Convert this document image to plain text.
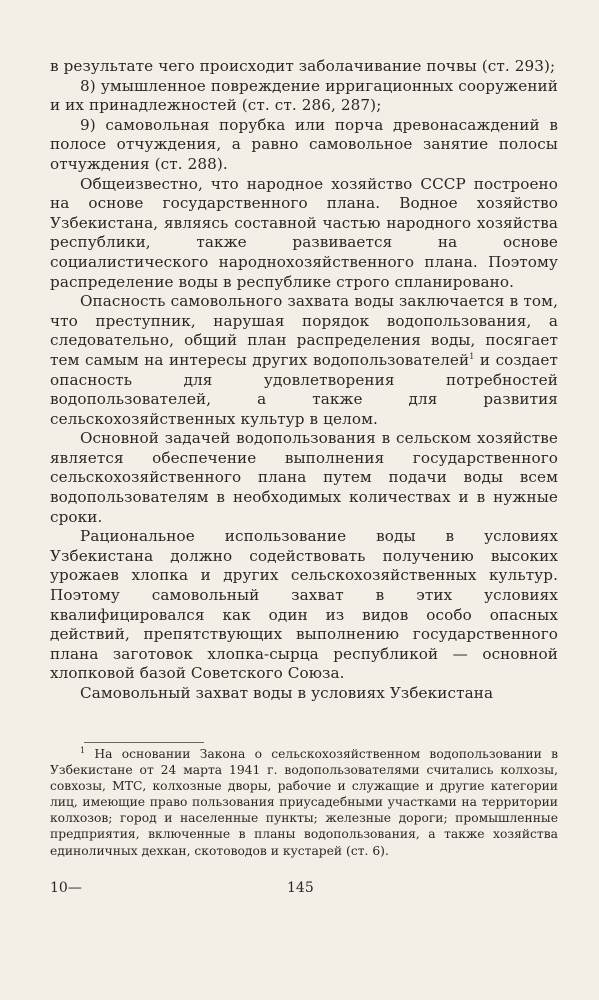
в результате чего происходит заболачивание почвы (ст. 293);

8) умышленное повреждение ирригационных сооружений и их принадлежностей (ст. ст. 286, 287);

9) самовольная порубка или порча древонасаждений в полосе отчуждения, а равно самовольное занятие полосы отчуждения (ст. 288).

Общеизвестно, что народное хозяйство СССР построено на основе государственного плана. Водное хозяйство Узбекистана, являясь составной частью народного хозяйства республики, также развивается на основе социалистического народнохозяйственного плана. Поэтому распределение воды в республике строго спланировано.

Опасность самовольного захвата воды заключается в том, что преступник, нарушая порядок водопользования, а следовательно, общий план распределения воды, посягает тем самым на интересы других водопользователей$^1$ и создает опасность для удовлетворения потребностей водопользователей, а также для развития сельскохозяйственных культур в целом.

Основной задачей водопользования в сельском хозяйстве является обеспечение выполнения государственного сельскохозяйственного плана путем подачи воды всем водопользователям в необходимых количествах и в нужные сроки.

Рациональное использование воды в условиях Узбекистана должно содействовать получению высоких урожаев хлопка и других сельскохозяйственных культур. Поэтому самовольный захват в этих условиях квалифицировался как один из видов особо опасных действий, препятствующих выполнению государственного плана заготовок хлопка-сырца республикой — основной хлопковой базой Советского Союза.

Самовольный захват воды в условиях Узбекистана

$^1$ На основании Закона о сельскохозяйственном водопользовании в Узбекистане от 24 марта 1941 г. водопользователями считались колхозы, совхозы, МТС, колхозные дворы, рабочие и служащие и другие категории лиц, имеющие право пользования приусадебными участками на территории колхозов; город и населенные пункты; железные дороги; промышленные предприятия, включенные в планы водопользования, а также хозяйства единоличных дехкан, скотоводов и кустарей (ст. 6).

10—	145
